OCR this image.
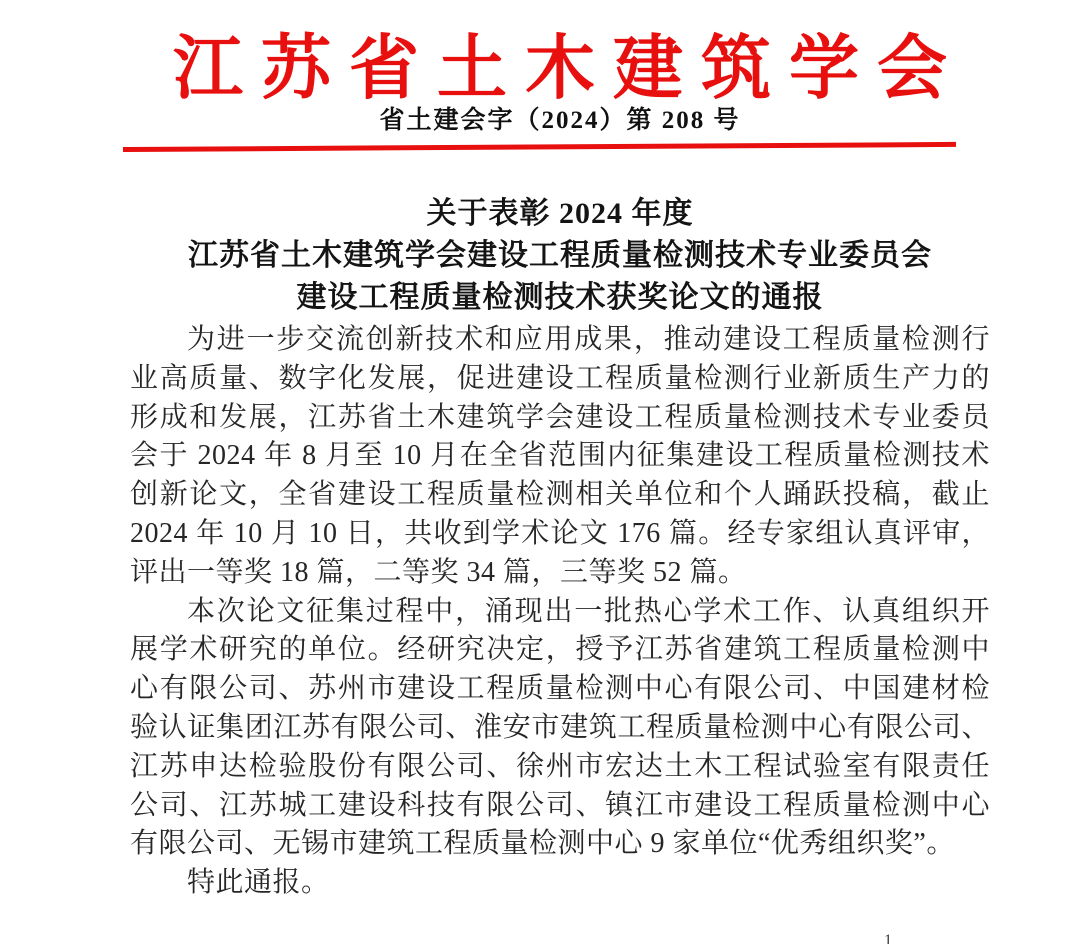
江苏省土木建筑学会
省土建会字（2024）第 208 号
关于表彰 2024 年度
江苏省土木建筑学会建设工程质量检测技术专业委员会
建设工程质量检测技术获奖论文的通报
为进一步交流创新技术和应用成果，推动建设工程质量检测行
业高质量、数字化发展，促进建设工程质量检测行业新质生产力的
形成和发展，江苏省土木建筑学会建设工程质量检测技术专业委员
会于 2024 年 8 月至 10 月在全省范围内征集建设工程质量检测技术
创新论文，全省建设工程质量检测相关单位和个人踊跃投稿，截止
2024 年 10 月 10 日，共收到学术论文 176 篇。经专家组认真评审，
评出一等奖 18 篇，二等奖 34 篇，三等奖 52 篇。
本次论文征集过程中，涌现出一批热心学术工作、认真组织开
展学术研究的单位。经研究决定，授予江苏省建筑工程质量检测中
心有限公司、苏州市建设工程质量检测中心有限公司、中国建材检
验认证集团江苏有限公司、淮安市建筑工程质量检测中心有限公司、
江苏申达检验股份有限公司、徐州市宏达土木工程试验室有限责任
公司、江苏城工建设科技有限公司、镇江市建设工程质量检测中心
有限公司、无锡市建筑工程质量检测中心 9 家单位“优秀组织奖”。
特此通报。
1
